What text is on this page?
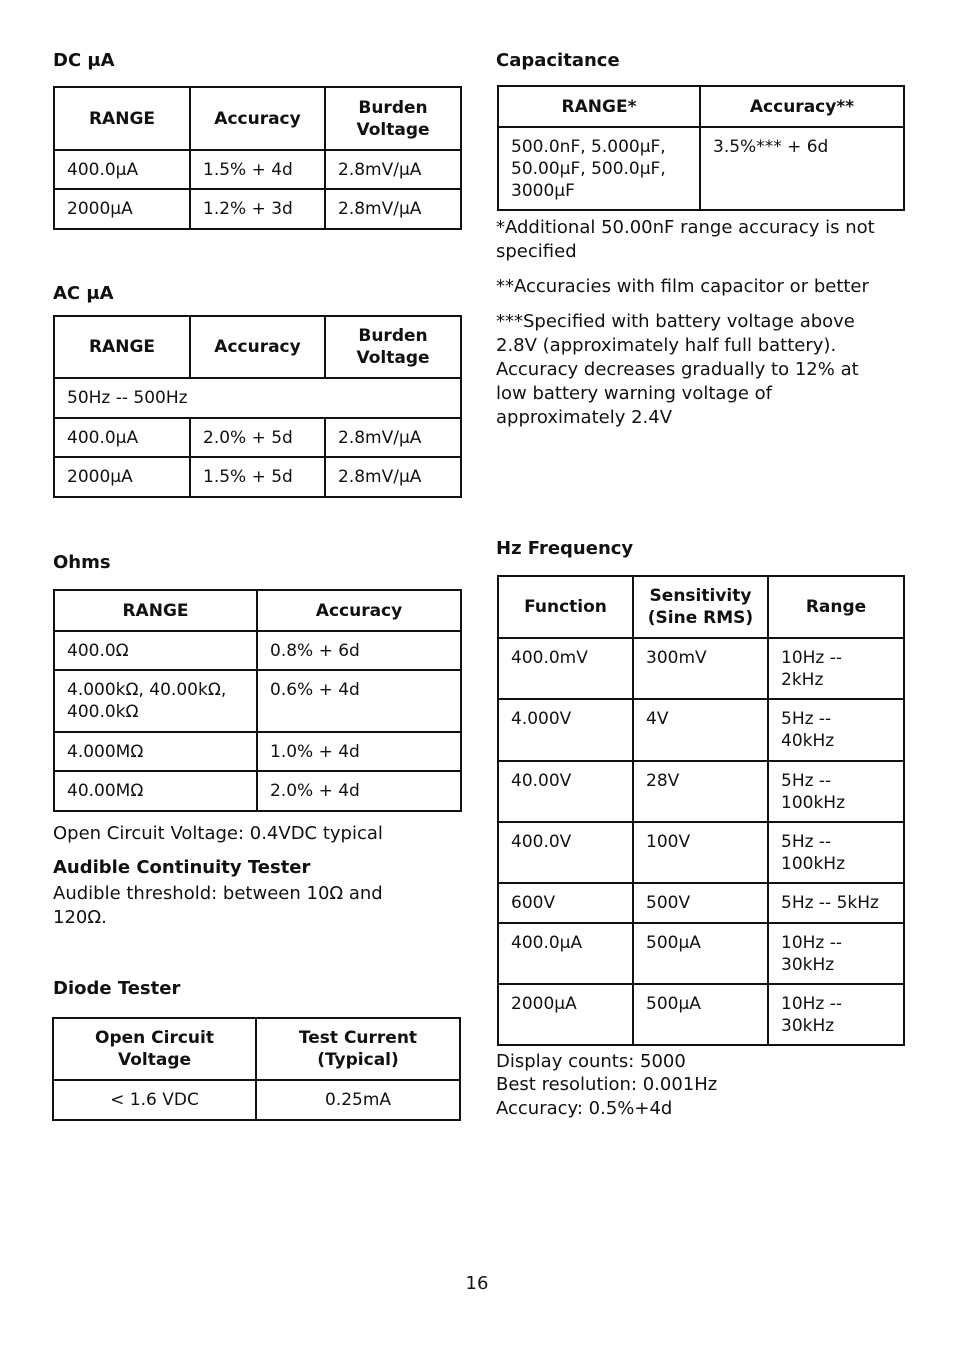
DC μA
RANGE	Accuracy	Burden Voltage
400.0μA	1.5% + 4d	2.8mV/μA
2000μA	1.2% + 3d	2.8mV/μA
AC μA
RANGE	Accuracy	Burden Voltage
50Hz -- 500Hz		
400.0μA	2.0% + 5d	2.8mV/μA
2000μA	1.5% + 5d	2.8mV/μA
Ohms
RANGE	Accuracy
400.0Ω	0.8% + 6d
4.000kΩ, 40.00kΩ, 400.0kΩ	0.6% + 4d
4.000MΩ	1.0% + 4d
40.00MΩ	2.0% + 4d
Open Circuit Voltage: 0.4VDC typical
Audible Continuity Tester
Audible threshold: between 10Ω and 120Ω.
Diode Tester
Open Circuit Voltage	Test Current (Typical)
< 1.6 VDC	0.25mA
Capacitance
RANGE*	Accuracy**
500.0nF, 5.000μF, 50.00μF, 500.0μF, 3000μF	3.5%*** + 6d
*Additional 50.00nF range accuracy is not specified
**Accuracies with film capacitor or better
***Specified with battery voltage above 2.8V (approximately half full battery). Accuracy decreases gradually to 12% at low battery warning voltage of approximately 2.4V
Hz Frequency
Function	Sensitivity (Sine RMS)	Range
400.0mV	300mV	10Hz -- 2kHz
4.000V	4V	5Hz -- 40kHz
40.00V	28V	5Hz -- 100kHz
400.0V	100V	5Hz -- 100kHz
600V	500V	5Hz -- 5kHz
400.0μA	500μA	10Hz -- 30kHz
2000μA	500μA	10Hz -- 30kHz
Display counts: 5000
Best resolution: 0.001Hz
Accuracy: 0.5%+4d
16
